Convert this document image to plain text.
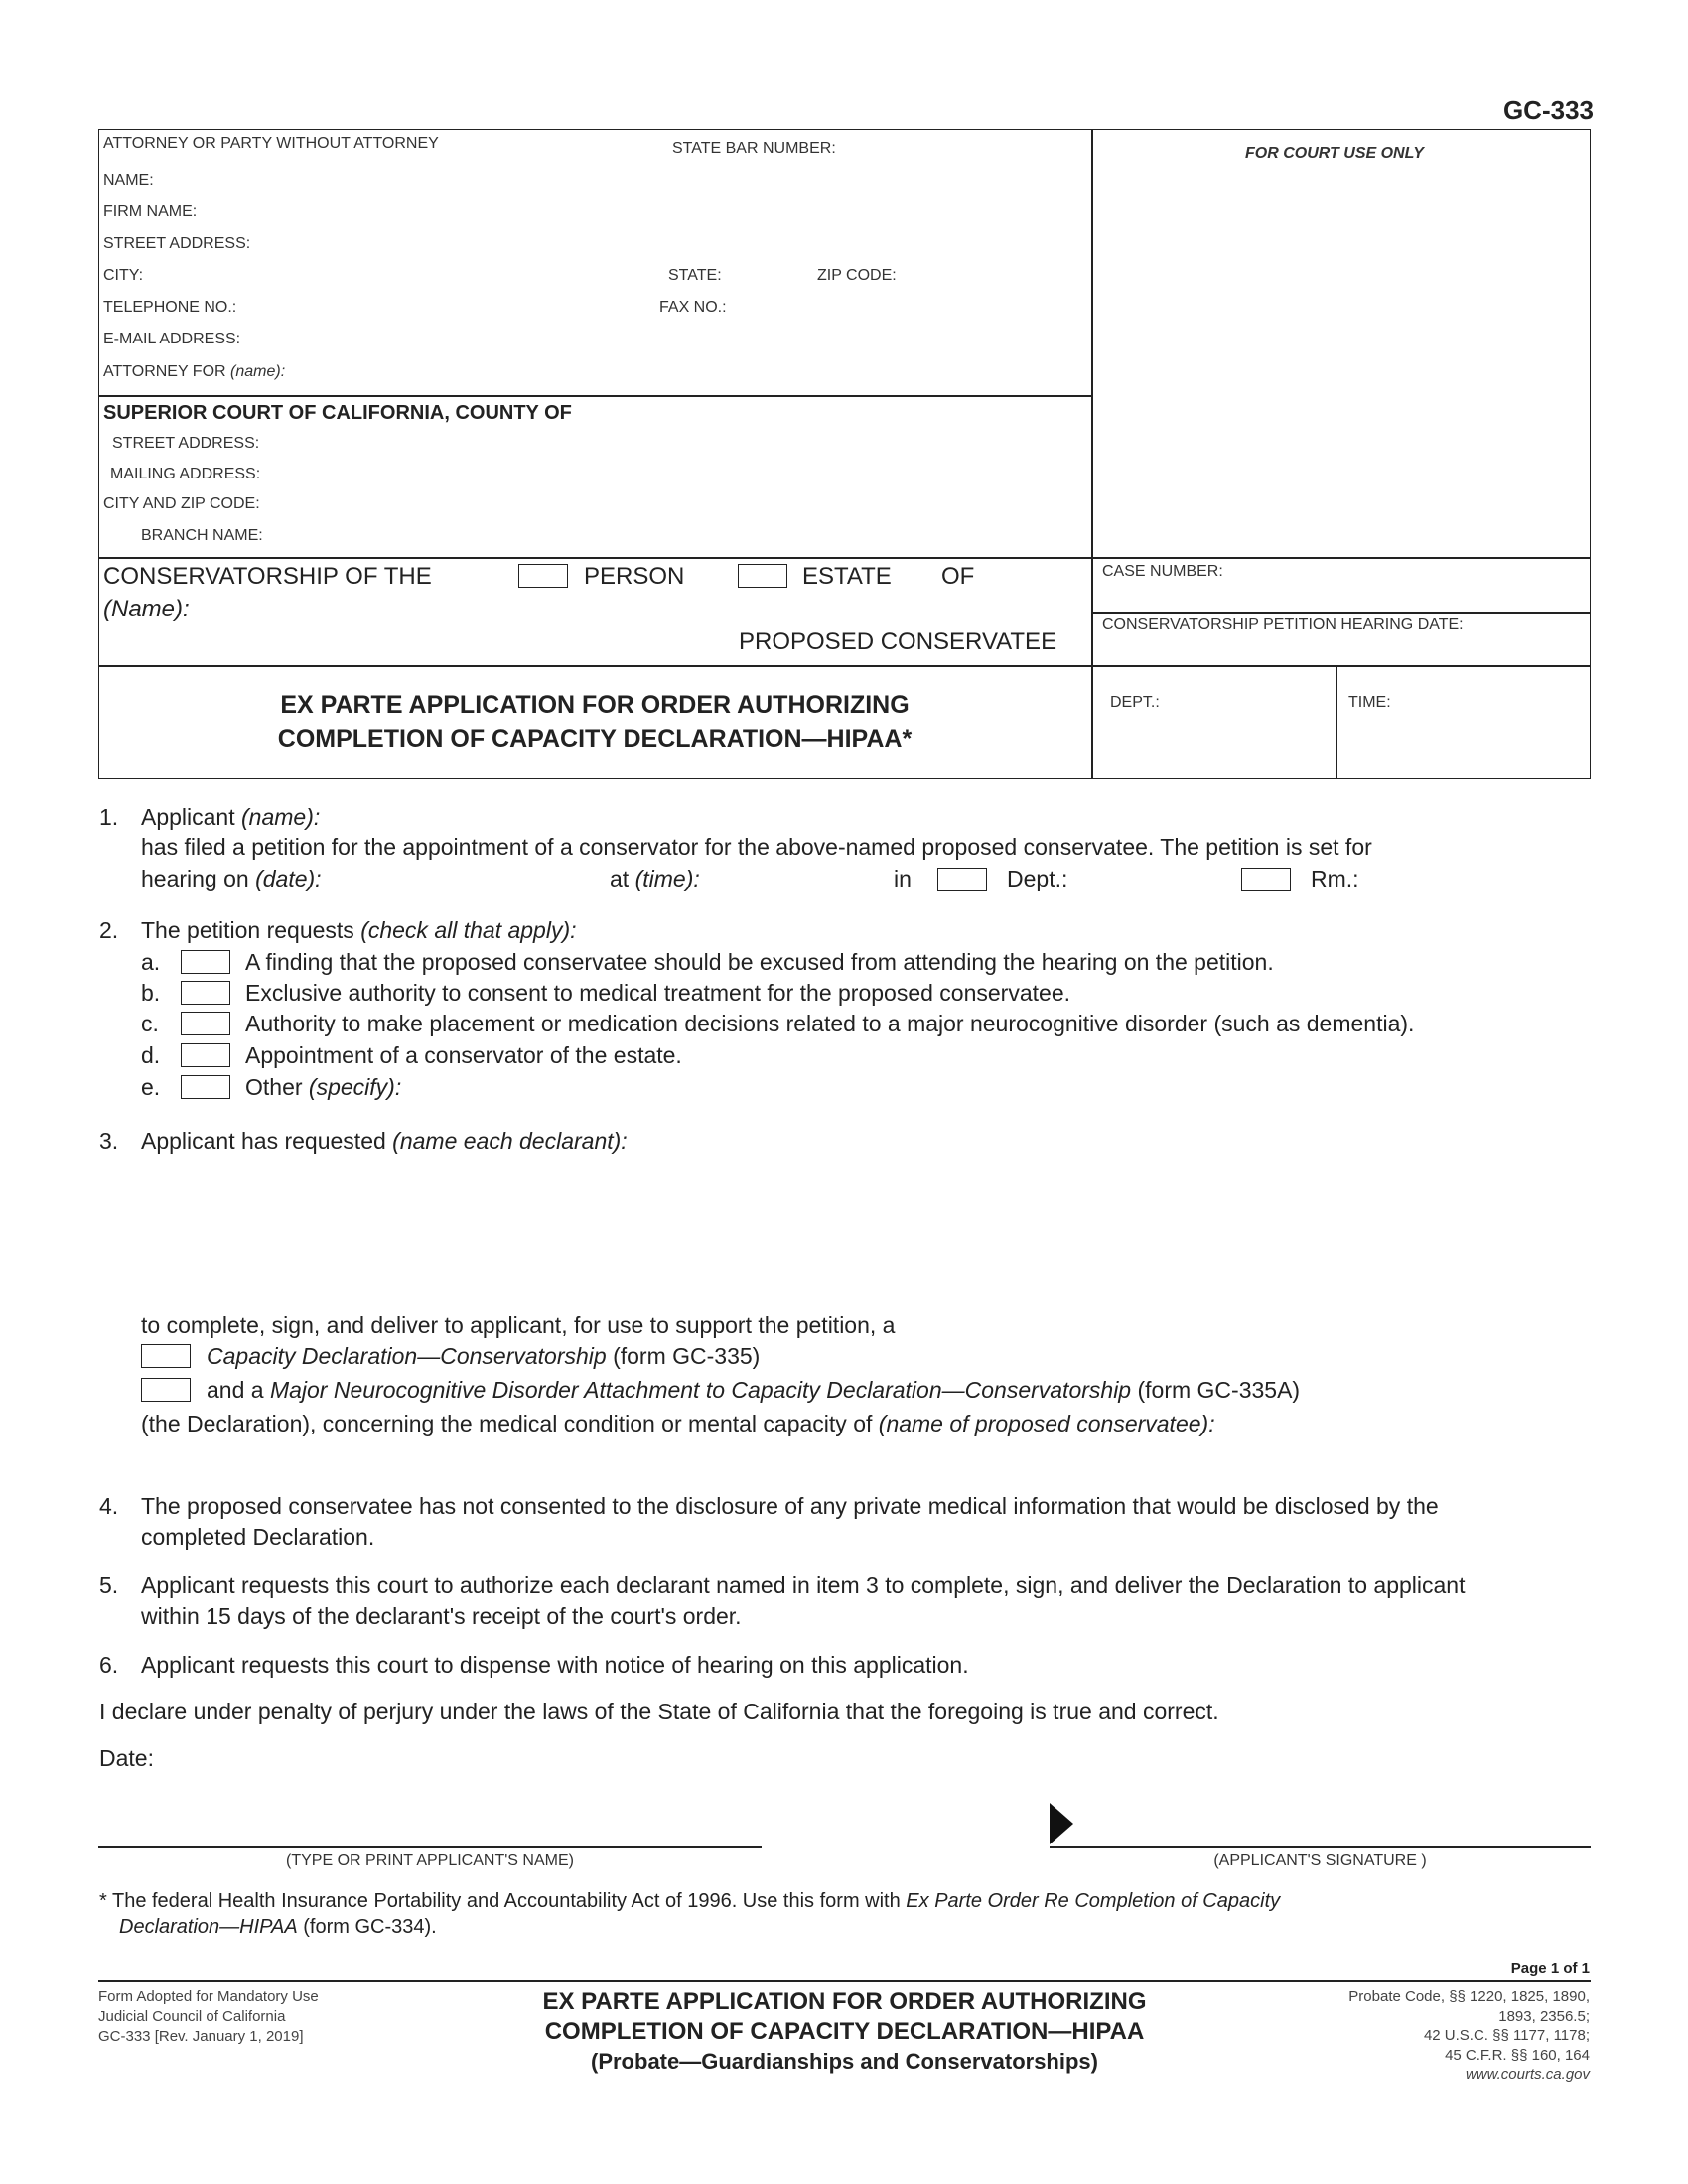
GC-333
ATTORNEY OR PARTY WITHOUT ATTORNEY	STATE BAR NUMBER:	FOR COURT USE ONLY
NAME:
FIRM NAME:
STREET ADDRESS:
CITY:	STATE:	ZIP CODE:
TELEPHONE NO.:	FAX NO.:
E-MAIL ADDRESS:
ATTORNEY FOR (name):
SUPERIOR COURT OF CALIFORNIA, COUNTY OF
STREET ADDRESS:
MAILING ADDRESS:
CITY AND ZIP CODE:
BRANCH NAME:
CONSERVATORSHIP OF THE	PERSON	ESTATE OF
(Name):
PROPOSED CONSERVATEE
CASE NUMBER:
CONSERVATORSHIP PETITION HEARING DATE:
DEPT.:	TIME:
EX PARTE APPLICATION FOR ORDER AUTHORIZING
COMPLETION OF CAPACITY DECLARATION—HIPAA*
1. Applicant (name):
has filed a petition for the appointment of a conservator for the above-named proposed conservatee. The petition is set for
hearing on (date):	at (time):	in	Dept.:	Rm.:
2. The petition requests (check all that apply):
a.	A finding that the proposed conservatee should be excused from attending the hearing on the petition.
b.	Exclusive authority to consent to medical treatment for the proposed conservatee.
c.	Authority to make placement or medication decisions related to a major neurocognitive disorder (such as dementia).
d.	Appointment of a conservator of the estate.
e.	Other (specify):
3. Applicant has requested (name each declarant):
to complete, sign, and deliver to applicant, for use to support the petition, a
Capacity Declaration—Conservatorship (form GC-335)
and a Major Neurocognitive Disorder Attachment to Capacity Declaration—Conservatorship (form GC-335A)
(the Declaration), concerning the medical condition or mental capacity of (name of proposed conservatee):
4. The proposed conservatee has not consented to the disclosure of any private medical information that would be disclosed by the
completed Declaration.
5. Applicant requests this court to authorize each declarant named in item 3 to complete, sign, and deliver the Declaration to applicant
within 15 days of the declarant's receipt of the court's order.
6. Applicant requests this court to dispense with notice of hearing on this application.
I declare under penalty of perjury under the laws of the State of California that the foregoing is true and correct.
Date:
(TYPE OR PRINT APPLICANT'S NAME)	(APPLICANT'S SIGNATURE )
* The federal Health Insurance Portability and Accountability Act of 1996. Use this form with Ex Parte Order Re Completion of Capacity
Declaration—HIPAA (form GC-334).
Page 1 of 1
Form Adopted for Mandatory Use
Judicial Council of California
GC-333 [Rev. January 1, 2019]
EX PARTE APPLICATION FOR ORDER AUTHORIZING
COMPLETION OF CAPACITY DECLARATION—HIPAA
(Probate—Guardianships and Conservatorships)
Probate Code, §§ 1220, 1825, 1890,
1893, 2356.5;
42 U.S.C. §§ 1177, 1178;
45 C.F.R. §§ 160, 164
www.courts.ca.gov
